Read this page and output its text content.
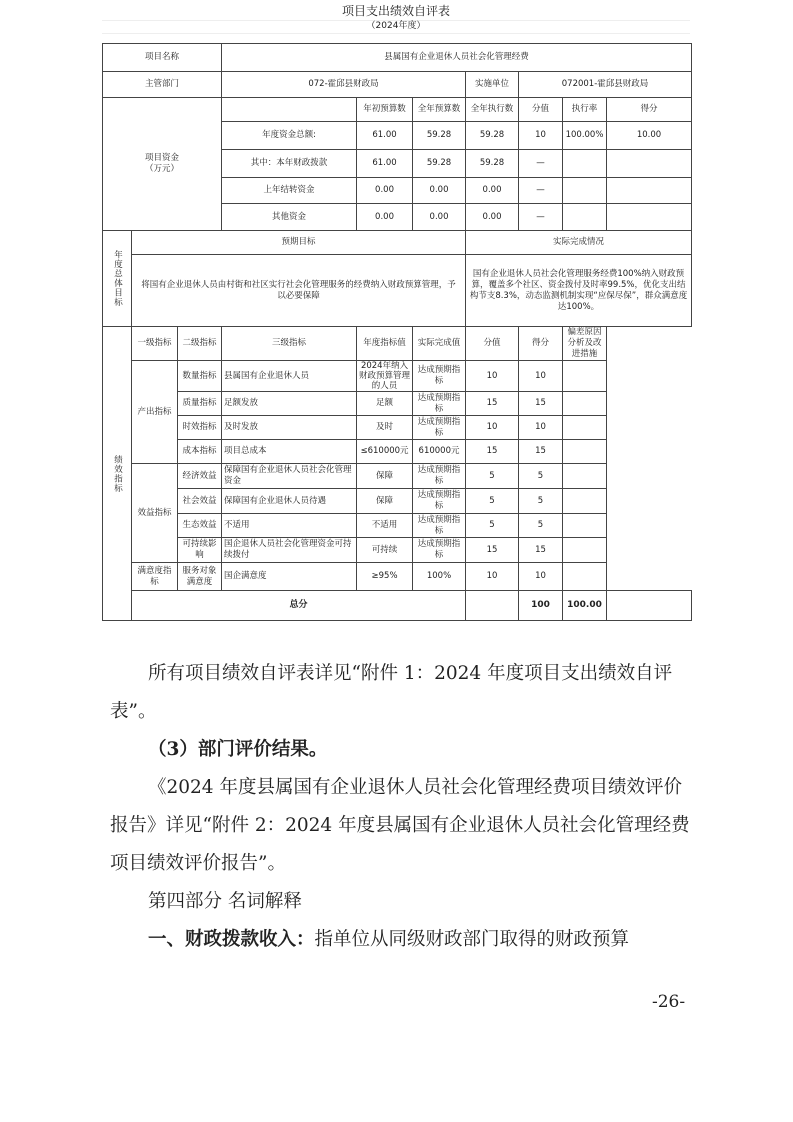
项目支出绩效自评表
（2024年度）
项目名称			县属国有企业退休人员社会化管理经费						
主管部门			072-霍邱县财政局			实施单位	072001-霍邱县财政局		
项目资金
（万元）				年初预算数	全年预算数	全年执行数	分值	执行率	得分
			年度资金总额:	61.00	59.28	59.28	10	100.00%	10.00
			其中：本年财政拨款	61.00	59.28	59.28	—		
			上年结转资金	0.00	0.00	0.00	—		
			其他资金	0.00	0.00	0.00	—		

年度总体目标	预期目标					实际完成情况			
	将国有企业退休人员由村街和社区实行社会化管理服务的经费纳入财政预算管理，予以必要保障					国有企业退休人员社会化管理服务经费100%纳入财政预算，覆盖多个社区、资金拨付及时率99.5%，优化支出结构节支8.3%，动态监测机制实现“应保尽保”，群众满意度达100%。			

绩效指标	一级指标	二级指标	三级指标	年度指标值	实际完成值	分值	得分	偏差原因分析及改进措施	
	产出指标	数量指标	县属国有企业退休人员	2024年纳入财政预算管理的人员	达成预期指标	10	10		
		质量指标	足额发放	足额	达成预期指标	15	15		
		时效指标	及时发放	及时	达成预期指标	10	10		
		成本指标	项目总成本	≤610000元	610000元	15	15		
	效益指标	经济效益	保障国有企业退休人员社会化管理资金	保障	达成预期指标	5	5		
		社会效益	保障国有企业退休人员待遇	保障	达成预期指标	5	5		
		生态效益	不适用	不适用	达成预期指标	5	5		
		可持续影响	国企退休人员社会化管理资金可持续拨付	可持续	达成预期指标	15	15		
	满意度指标	服务对象满意度	国企满意度	≥95%	100%	10	10		
	总分						100	100.00	
所有项目绩效自评表详见“附件 1：2024 年度项目支出绩效自评表”。
（3）部门评价结果。
《2024 年度县属国有企业退休人员社会化管理经费项目绩效评价报告》详见“附件 2：2024 年度县属国有企业退休人员社会化管理经费项目绩效评价报告”。
第四部分 名词解释
一、财政拨款收入：指单位从同级财政部门取得的财政预算
-26-
